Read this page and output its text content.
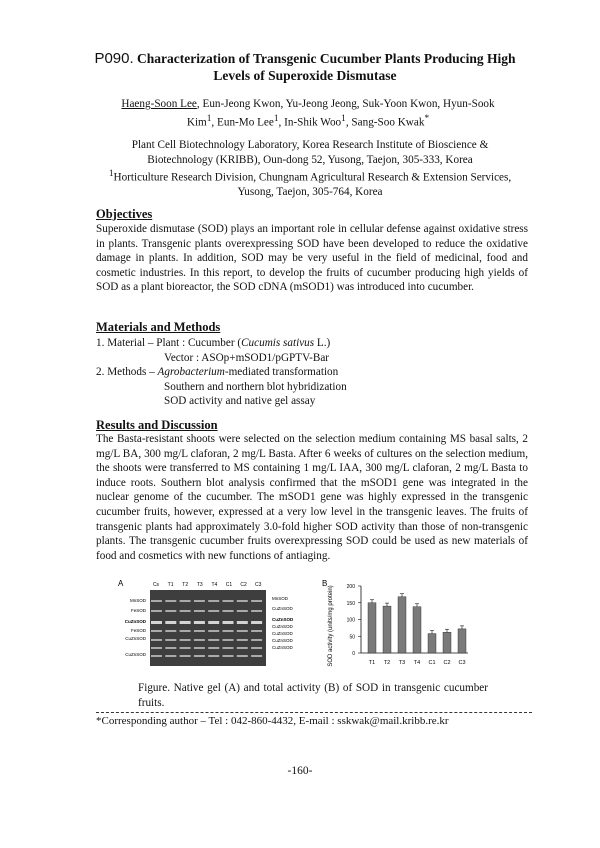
P090. Characterization of Transgenic Cucumber Plants Producing High
Levels of Superoxide Dismutase
Haeng-Soon Lee, Eun-Jeong Kwon, Yu-Jeong Jeong, Suk-Yoon Kwon, Hyun-Sook
Kim$^1$, Eun-Mo Lee$^1$, In-Shik Woo$^1$, Sang-Soo Kwak*
Plant Cell Biotechnology Laboratory, Korea Research Institute of Bioscience &
Biotechnology (KRIBB), Oun-dong 52, Yusong, Taejon, 305-333, Korea
$^1$Horticulture Research Division, Chungnam Agricultural Research & Extension Services,
Yusong, Taejon, 305-764, Korea
Objectives
Superoxide dismutase (SOD) plays an important role in cellular defense against oxidative stress in plants. Transgenic plants overexpressing SOD have been developed to reduce the oxidative damage in plants. In addition, SOD may be very useful in the field of medicinal, food and cosmetic industries. In this report, to develop the fruits of cucumber producing high yields of SOD as a plant bioreactor, the SOD cDNA (mSOD1) was introduced into cucumber.
Materials and Methods
1. Material – Plant : Cucumber (Cucumis sativus L.)
Vector : ASOp+mSOD1/pGPTV-Bar
2. Methods – Agrobacterium-mediated transformation
Southern and northern blot hybridization
SOD activity and native gel assay
Results and Discussion
The Basta-resistant shoots were selected on the selection medium containing MS basal salts, 2 mg/L BA, 300 mg/L claforan, 2 mg/L Basta. After 6 weeks of cultures on the selection medium, the shoots were transferred to MS containing 1 mg/L IAA, 300 mg/L claforan, 2 mg/L Basta to induce roots. Southern blot analysis confirmed that the mSOD1 gene was integrated in the nuclear genome of the cucumber. The mSOD1 gene was highly expressed in the transgenic cucumber fruits, however, expressed at a very low level in the transgenic leaves. The fruits of transgenic plants had approximately 3.0-fold higher SOD activity than those of non-transgenic plants. The transgenic cucumber fruits overexpressing SOD could be used as new materials of food and cosmetics with new functions of antiaging.
A	Cs T1 T2 T3 T4 C1 C2 C3
MnSOD
FeSOD
CuZnSOD
FeSOD
CuZnSOD
CuZnSOD
MnSOD
CuZnSOD
CuZnSOD
CuZnSOD
CuZnSOD
CuZnSOD
CuZnSOD
B
SOD activity (units/mg protein)	0
50
100
150
200
T1 T2 T3 T4 C1 C2 C3
Figure. Native gel (A) and total activity (B) of SOD in transgenic cucumber fruits.
*Corresponding author – Tel : 042-860-4432, E-mail : sskwak@mail.kribb.re.kr
-160-
